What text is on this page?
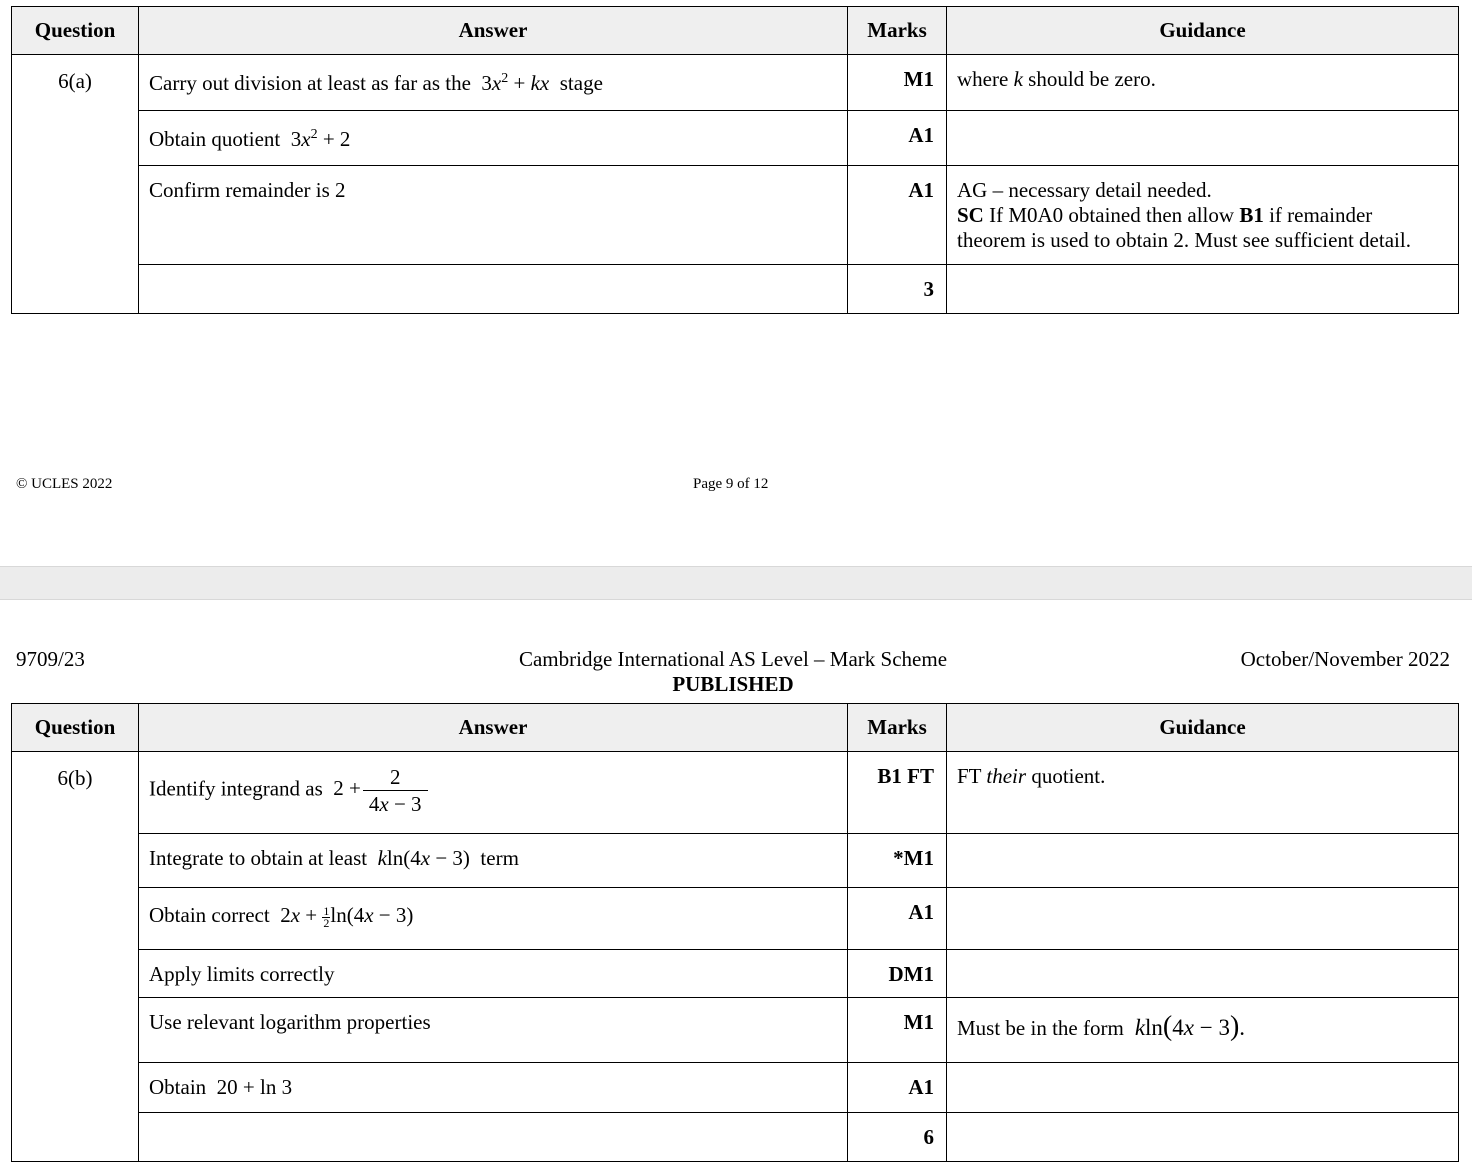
Question	Answer	Marks	Guidance
6(a)	Carry out division at least as far as the  $3x^2$ + kx stage	M1	where k should be zero.
	Obtain quotient  $3x^2 + 2$	A1	
	Confirm remainder is 2	A1	AG – necessary detail needed.
SC If M0A0 obtained then allow B1 if remainder
theorem is used to obtain 2. Must see sufficient detail.

		3	
© UCLES 2022	Page 9 of 12
9709/23	Cambridge International AS Level – Mark Scheme
PUBLISHED
October/November 2022
Question	Answer	Marks	Guidance
6(b)	Identify integrand as  $2 + \frac{2}{4x - 3}$	B1 FT	FT their quotient.
	Integrate to obtain at least kln(4x − 3)  term	*M1	
	Obtain correct  $2x + \frac{1}{2} \ln(4x - 3)$	A1	
	Apply limits correctly	DM1	
	Use relevant logarithm properties	M1	Must be in the form kln(4x − 3).
	Obtain  20 + ln 3	A1	
		6	
